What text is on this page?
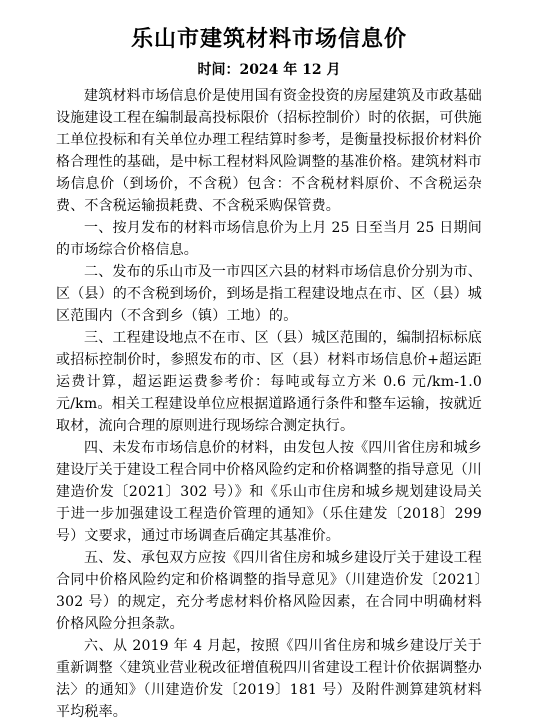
乐山市建筑材料市场信息价
时间：2024 年 12 月

建筑材料市场信息价是使用国有资金投资的房屋建筑及市政基础设施建设工程在编制最高投标限价（招标控制价）时的依据，可供施工单位投标和有关单位办理工程结算时参考，是衡量投标报价材料价格合理性的基础，是中标工程材料风险调整的基准价格。建筑材料市场信息价（到场价，不含税）包含：不含税材料原价、不含税运杂费、不含税运输损耗费、不含税采购保管费。

一、按月发布的材料市场信息价为上月 25 日至当月 25 日期间的市场综合价格信息。

二、发布的乐山市及一市四区六县的材料市场信息价分别为市、区（县）的不含税到场价，到场是指工程建设地点在市、区（县）城区范围内（不含到乡（镇）工地）的。

三、工程建设地点不在市、区（县）城区范围的，编制招标标底或招标控制价时，参照发布的市、区（县）材料市场信息价+超运距运费计算，超运距运费参考价：每吨或每立方米 0.6 元/km-1.0 元/km。相关工程建设单位应根据道路通行条件和整车运输，按就近取材，流向合理的原则进行现场综合测定执行。

四、未发布市场信息价的材料，由发包人按《四川省住房和城乡建设厅关于建设工程合同中价格风险约定和价格调整的指导意见（川建造价发〔2021〕302 号）》和《乐山市住房和城乡规划建设局关于进一步加强建设工程造价管理的通知》（乐住建发〔2018〕299 号）文要求，通过市场调查后确定其基准价。

五、发、承包双方应按《四川省住房和城乡建设厅关于建设工程合同中价格风险约定和价格调整的指导意见》（川建造价发〔2021〕302 号）的规定，充分考虑材料价格风险因素，在合同中明确材料价格风险分担条款。

六、从 2019 年 4 月起，按照《四川省住房和城乡建设厅关于重新调整〈建筑业营业税改征增值税四川省建设工程计价依据调整办法〉的通知》（川建造价发〔2019〕181 号）及附件测算建筑材料平均税率。
